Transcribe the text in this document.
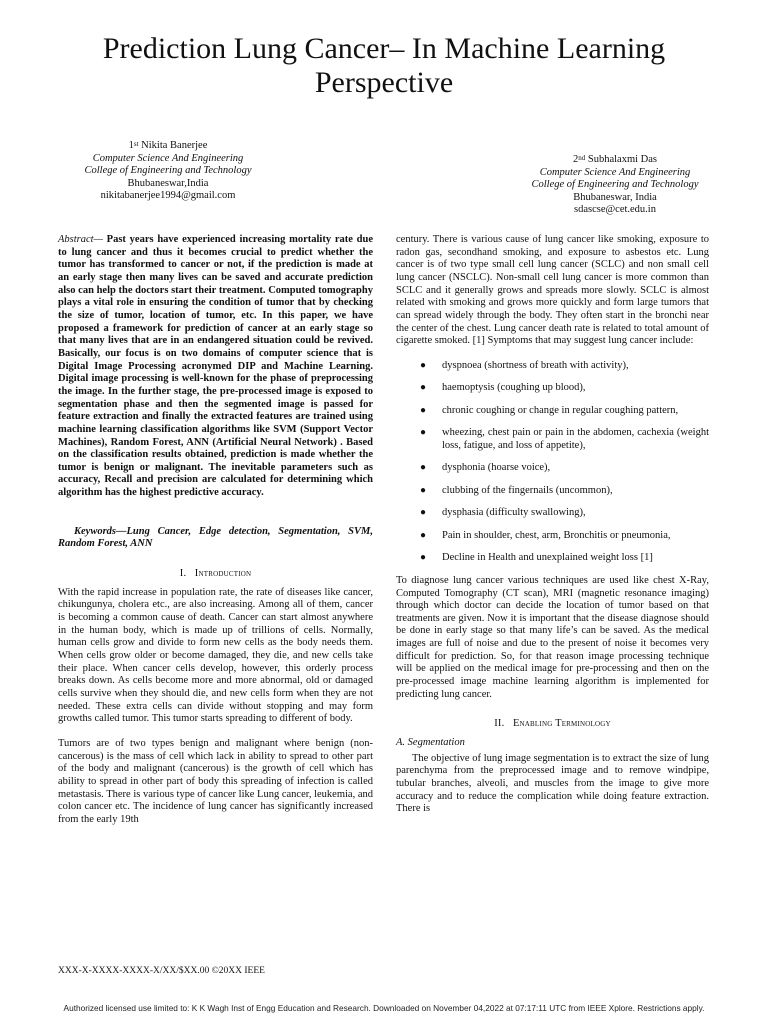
Prediction Lung Cancer– In Machine Learning Perspective
1st Nikita Banerjee
Computer Science And Engineering
College of Engineering and Technology
Bhubaneswar,India
nikitabanerjee1994@gmail.com
2nd Subhalaxmi Das
Computer Science And Engineering
College of Engineering and Technology
Bhubaneswar, India
sdascse@cet.edu.in

Abstract— Past years have experienced increasing mortality rate due to lung cancer and thus it becomes crucial to predict whether the tumor has transformed to cancer or not, if the prediction is made at an early stage then many lives can be saved and accurate prediction also can help the doctors start their treatment. Computed tomography plays a vital role in ensuring the condition of tumor that by checking the size of tumor, location of tumor, etc. In this paper, we have proposed a framework for prediction of cancer at an early stage so that many lives that are in an endangered situation could be revived. Basically, our focus is on two domains of computer science that is Digital Image Processing acronymed DIP and Machine Learning. Digital image processing is well-known for the phase of preprocessing the image. In the further stage, the pre-processed image is exposed to segmentation phase and then the segmented image is passed for feature extraction and finally the extracted features are trained using machine learning classification algorithms like SVM (Support Vector Machines), Random Forest, ANN (Artificial Neural Network) . Based on the classification results obtained, prediction is made whether the tumor is benign or malignant. The inevitable parameters such as accuracy, Recall and precision are calculated for determining which algorithm has the highest predictive accuracy.

Keywords—Lung Cancer, Edge detection, Segmentation, SVM, Random Forest, ANN

I. Introduction

With the rapid increase in population rate, the rate of diseases like cancer, chikungunya, cholera etc., are also increasing. Among all of them, cancer is becoming a common cause of death. Cancer can start almost anywhere in the human body, which is made up of trillions of cells. Normally, human cells grow and divide to form new cells as the body needs them. When cells grow older or become damaged, they die, and new cells take their place. When cancer cells develop, however, this orderly process breaks down. As cells become more and more abnormal, old or damaged cells survive when they should die, and new cells form when they are not needed. These extra cells can divide without stopping and may form growths called tumor. This tumor starts spreading to different of body.

Tumors are of two types benign and malignant where benign (non-cancerous) is the mass of cell which lack in ability to spread to other part of the body and malignant (cancerous) is the growth of cell which has ability to spread in other part of body this spreading of infection is called metastasis. There is various type of cancer like Lung cancer, leukemia, and colon cancer etc. The incidence of lung cancer has significantly increased from the early 19th

century. There is various cause of lung cancer like smoking, exposure to radon gas, secondhand smoking, and exposure to asbestos etc. Lung cancer is of two type small cell lung cancer (SCLC) and non small cell lung cancer (NSCLC). Non-small cell lung cancer is more common than SCLC and it generally grows and spreads more slowly. SCLC is almost related with smoking and grows more quickly and form large tumors that can spread widely through the body. They often start in the bronchi near the center of the chest. Lung cancer death rate is related to total amount of cigarette smoked. [1] Symptoms that may suggest lung cancer include:

● dyspnoea (shortness of breath with activity),
● haemoptysis (coughing up blood),
● chronic coughing or change in regular coughing pattern,
● wheezing, chest pain or pain in the abdomen, cachexia (weight loss, fatigue, and loss of appetite),
● dysphonia (hoarse voice),
● clubbing of the fingernails (uncommon),
● dysphasia (difficulty swallowing),
● Pain in shoulder, chest, arm, Bronchitis or pneumonia,
● Decline in Health and unexplained weight loss [1]

To diagnose lung cancer various techniques are used like chest X-Ray, Computed Tomography (CT scan), MRI (magnetic resonance imaging) through which doctor can decide the location of tumor based on that treatments are given. Now it is important that the disease diagnose should be done in early stage so that many life’s can be saved. As the medical images are full of noise and due to the present of noise it becomes very difficult for prediction. So, for that reason image processing technique will be applied on the medical image for pre-processing and then on the pre-processed image machine learning algorithm is implemented for predicting lung cancer.

II. Enabling Terminology

A. Segmentation

The objective of lung image segmentation is to extract the size of lung parenchyma from the preprocessed image and to remove windpipe, tubular branches, alveoli, and muscles from the image to give more accuracy and to reduce the complication while doing feature extraction. There is

XXX-X-XXXX-XXXX-X/XX/$XX.00 ©20XX IEEE
Authorized licensed use limited to: K K Wagh Inst of Engg Education and Research. Downloaded on November 04,2022 at 07:17:11 UTC from IEEE Xplore. Restrictions apply.
